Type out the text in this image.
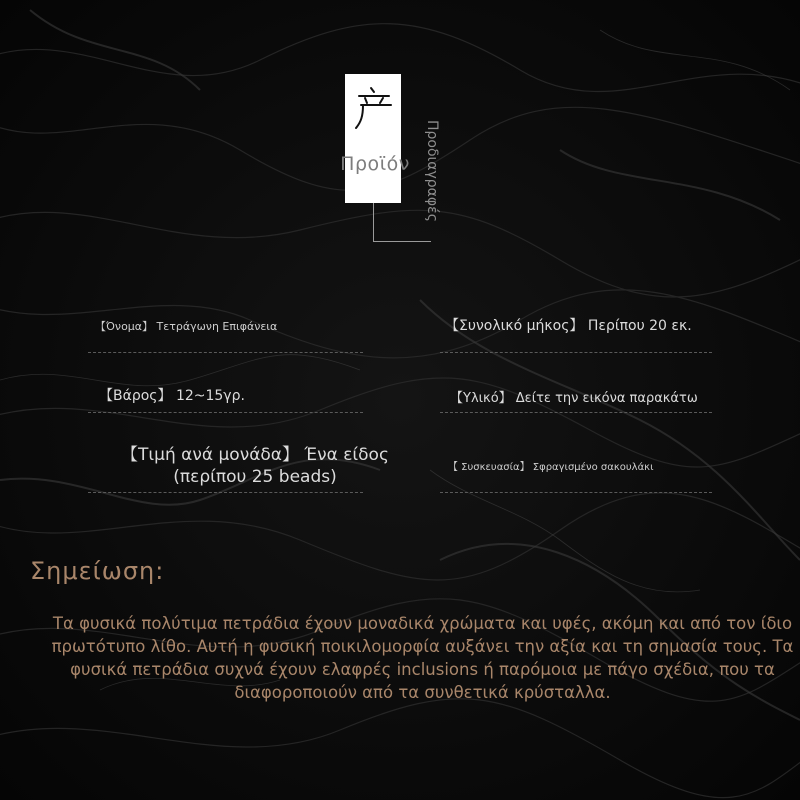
Προϊόν	Προδιαγραφές
【Όνομα】 Τετράγωνη Επιφάνεια	【Συνολικό μήκος】 Περίπου 20 εκ.
【Βάρος】 12~15γρ.	【Υλικό】 Δείτε την εικόνα παρακάτω
【Τιμή ανά μονάδα】 Ένα είδος
(περίπου 25 beads)	【 Συσκευασία】 Σφραγισμένο σακουλάκι
Σημείωση:
Τα φυσικά πολύτιμα πετράδια έχουν μοναδικά χρώματα και υφές, ακόμη και από τον ίδιο πρωτότυπο λίθο. Αυτή η φυσική ποικιλομορφία αυξάνει την αξία και τη σημασία τους. Τα φυσικά πετράδια συχνά έχουν ελαφρές inclusions ή παρόμοια με πάγο σχέδια, που τα διαφοροποιούν από τα συνθετικά κρύσταλλα.
